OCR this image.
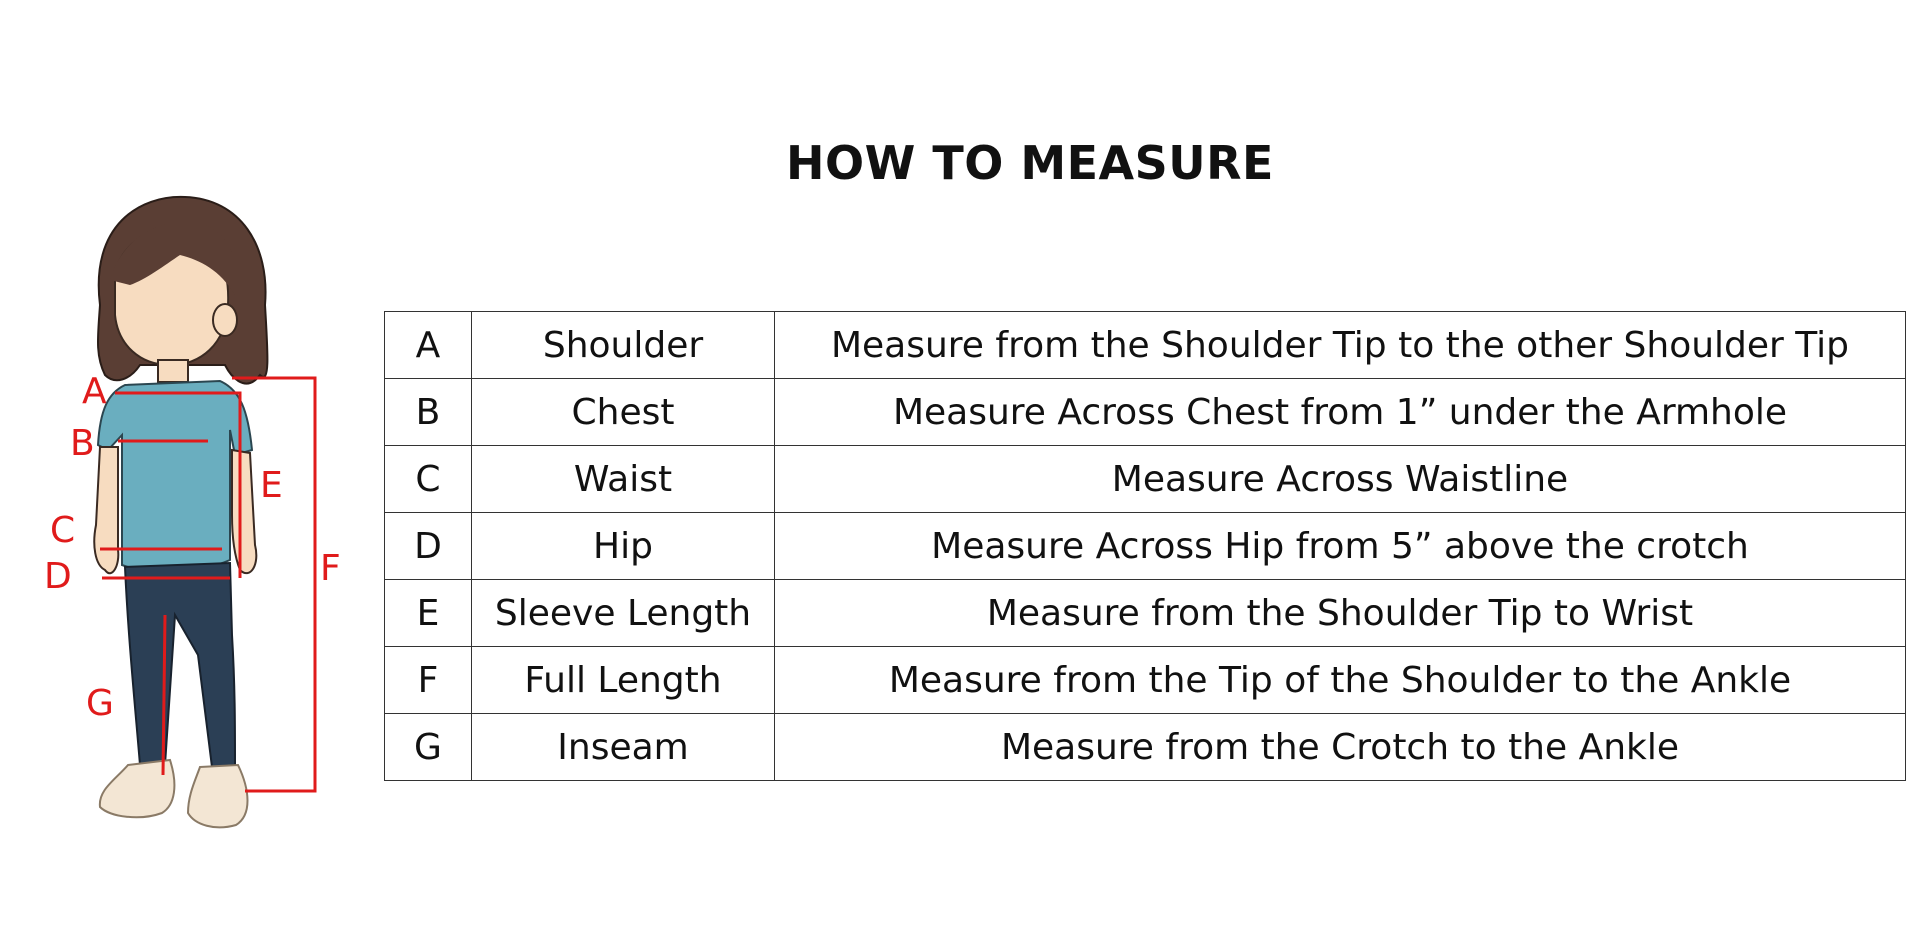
HOW TO MEASURE
A
B
E
C
D	F
G
A	Shoulder	Measure from the Shoulder Tip to the other Shoulder Tip
B	Chest	Measure Across Chest from 1” under the Armhole
C	Waist	Measure Across Waistline
D	Hip	Measure Across Hip from 5” above the crotch
E	Sleeve Length	Measure from the Shoulder Tip to Wrist
F	Full Length	Measure from the Tip of the Shoulder to the Ankle
G	Inseam	Measure from the Crotch to the Ankle
